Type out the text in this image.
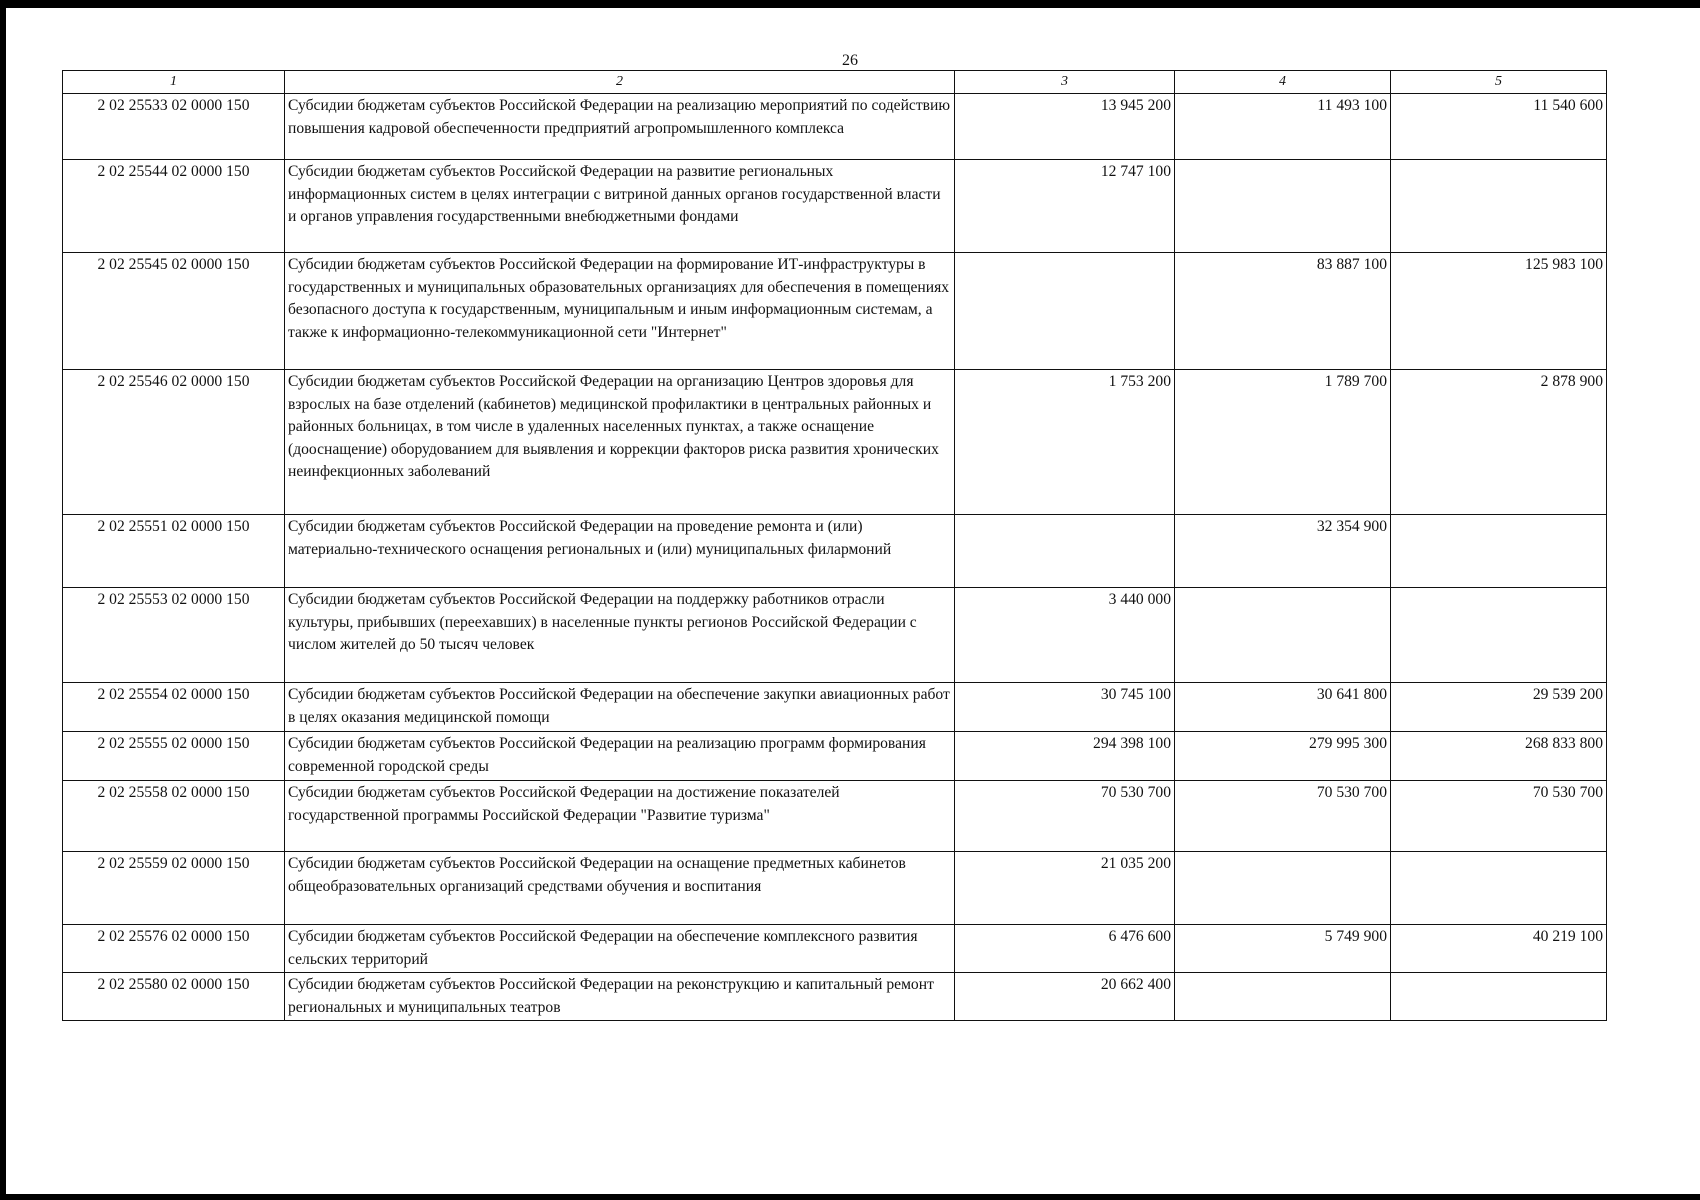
26
1	2	3	4	5
2 02 25533 02 0000 150	Субсидии бюджетам субъектов Российской Федерации на реализацию мероприятий по содействию повышения кадровой обеспеченности предприятий агропромышленного комплекса	13 945 200	11 493 100	11 540 600
2 02 25544 02 0000 150	Субсидии бюджетам субъектов Российской Федерации на развитие региональных информационных систем в целях интеграции с витриной данных органов государственной власти и органов управления государственными внебюджетными фондами	12 747 100		
2 02 25545 02 0000 150	Субсидии бюджетам субъектов Российской Федерации на формирование ИТ-инфраструктуры в государственных и муниципальных образовательных организациях для обеспечения в помещениях безопасного доступа к государственным, муниципальным и иным информационным системам, а также к информационно-телекоммуникационной сети "Интернет"		83 887 100	125 983 100
2 02 25546 02 0000 150	Субсидии бюджетам субъектов Российской Федерации на организацию Центров здоровья для взрослых на базе отделений (кабинетов) медицинской профилактики в центральных районных и районных больницах, в том числе в удаленных населенных пунктах, а также оснащение (дооснащение) оборудованием для выявления и коррекции факторов риска развития хронических неинфекционных заболеваний	1 753 200	1 789 700	2 878 900
2 02 25551 02 0000 150	Субсидии бюджетам субъектов Российской Федерации на проведение ремонта и (или) материально-технического оснащения региональных и (или) муниципальных филармоний		32 354 900	
2 02 25553 02 0000 150	Субсидии бюджетам субъектов Российской Федерации на поддержку работников отрасли культуры, прибывших (переехавших) в населенные пункты регионов Российской Федерации с числом жителей до 50 тысяч человек	3 440 000		
2 02 25554 02 0000 150	Субсидии бюджетам субъектов Российской Федерации на обеспечение закупки авиационных работ в целях оказания медицинской помощи	30 745 100	30 641 800	29 539 200
2 02 25555 02 0000 150	Субсидии бюджетам субъектов Российской Федерации на реализацию программ формирования современной городской среды	294 398 100	279 995 300	268 833 800
2 02 25558 02 0000 150	Субсидии бюджетам субъектов Российской Федерации на достижение показателей государственной программы Российской Федерации "Развитие туризма"	70 530 700	70 530 700	70 530 700
2 02 25559 02 0000 150	Субсидии бюджетам субъектов Российской Федерации на оснащение предметных кабинетов общеобразовательных организаций средствами обучения и воспитания	21 035 200		
2 02 25576 02 0000 150	Субсидии бюджетам субъектов Российской Федерации на обеспечение комплексного развития сельских территорий	6 476 600	5 749 900	40 219 100
2 02 25580 02 0000 150	Субсидии бюджетам субъектов Российской Федерации на реконструкцию и капитальный ремонт региональных и муниципальных театров	20 662 400		
